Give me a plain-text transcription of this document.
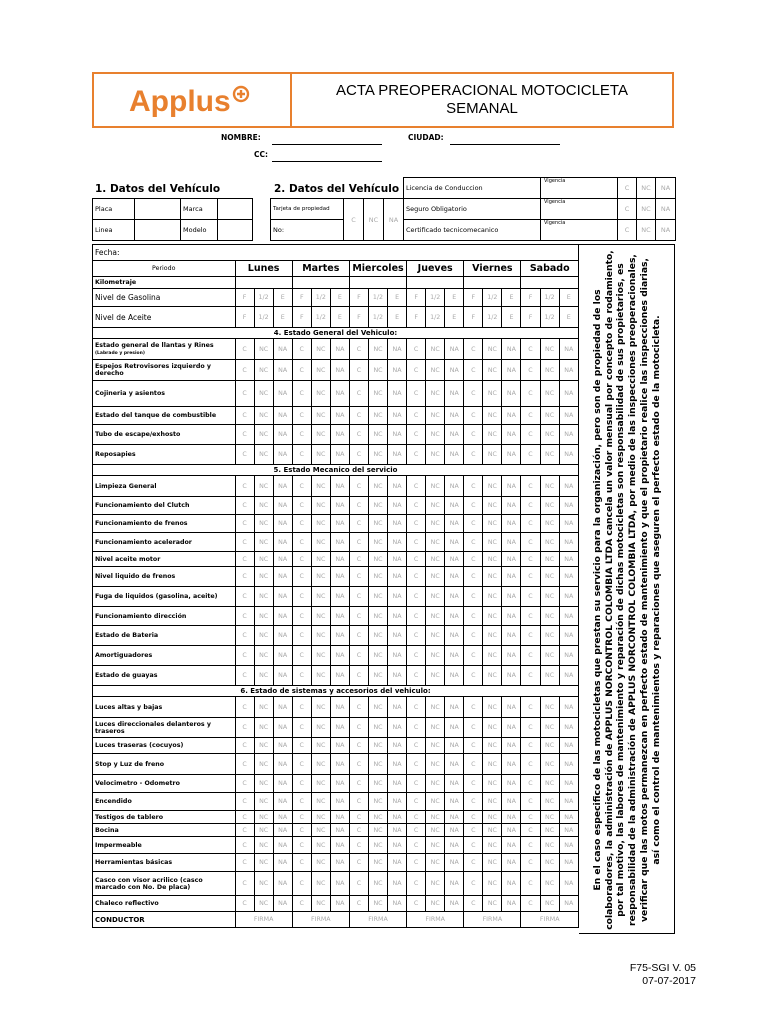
Applus	ACTA PREOPERACIONAL MOTOCICLETA
SEMANAL
NOMBRE:
CC:
CIUDAD:
1. Datos del Vehículo	2. Datos del Vehículo
Placa		Marca	
Linea		Modelo	
Tarjeta de propiedad	C	NC	NA
No:
Licencia de Conduccion	Vigencia	C	NC	NA
Seguro Obligatorio	Vigencia	C	NC	NA
Certificado tecnicomecanico	Vigencia	C	NC	NA
Fecha:																		
Periodo	Lunes			Martes			Miercoles			Jueves			Viernes			Sabado		
Kilometraje																		
Nivel de Gasolina	F	1/2	E	F	1/2	E	F	1/2	E	F	1/2	E	F	1/2	E	F	1/2	E
Nivel de Aceite	F	1/2	E	F	1/2	E	F	1/2	E	F	1/2	E	F	1/2	E	F	1/2	E
4. Estado General del Vehiculo:																		
Estado general de llantas y Rines
(Labrado y presion)	C	NC	NA	C	NC	NA	C	NC	NA	C	NC	NA	C	NC	NA	C	NC	NA
Espejos Retrovisores izquierdo y derecho	C	NC	NA	C	NC	NA	C	NC	NA	C	NC	NA	C	NC	NA	C	NC	NA
Cojineria y asientos	C	NC	NA	C	NC	NA	C	NC	NA	C	NC	NA	C	NC	NA	C	NC	NA
Estado del tanque de combustible	C	NC	NA	C	NC	NA	C	NC	NA	C	NC	NA	C	NC	NA	C	NC	NA
Tubo de escape/exhosto	C	NC	NA	C	NC	NA	C	NC	NA	C	NC	NA	C	NC	NA	C	NC	NA
Reposapies	C	NC	NA	C	NC	NA	C	NC	NA	C	NC	NA	C	NC	NA	C	NC	NA
5. Estado Mecanico del servicio																		
Limpieza General	C	NC	NA	C	NC	NA	C	NC	NA	C	NC	NA	C	NC	NA	C	NC	NA
Funcionamiento del Clutch	C	NC	NA	C	NC	NA	C	NC	NA	C	NC	NA	C	NC	NA	C	NC	NA
Funcionamiento de frenos	C	NC	NA	C	NC	NA	C	NC	NA	C	NC	NA	C	NC	NA	C	NC	NA
Funcionamiento acelerador	C	NC	NA	C	NC	NA	C	NC	NA	C	NC	NA	C	NC	NA	C	NC	NA
Nivel aceite motor	C	NC	NA	C	NC	NA	C	NC	NA	C	NC	NA	C	NC	NA	C	NC	NA
Nivel liquido de frenos	C	NC	NA	C	NC	NA	C	NC	NA	C	NC	NA	C	NC	NA	C	NC	NA
Fuga de liquidos (gasolina, aceite)	C	NC	NA	C	NC	NA	C	NC	NA	C	NC	NA	C	NC	NA	C	NC	NA
Funcionamiento dirección	C	NC	NA	C	NC	NA	C	NC	NA	C	NC	NA	C	NC	NA	C	NC	NA
Estado de Bateria	C	NC	NA	C	NC	NA	C	NC	NA	C	NC	NA	C	NC	NA	C	NC	NA
Amortiguadores	C	NC	NA	C	NC	NA	C	NC	NA	C	NC	NA	C	NC	NA	C	NC	NA
Estado de guayas	C	NC	NA	C	NC	NA	C	NC	NA	C	NC	NA	C	NC	NA	C	NC	NA
6. Estado de sistemas y accesorios del vehiculo:																		
Luces altas y bajas	C	NC	NA	C	NC	NA	C	NC	NA	C	NC	NA	C	NC	NA	C	NC	NA
Luces direccionales delanteros y traseros	C	NC	NA	C	NC	NA	C	NC	NA	C	NC	NA	C	NC	NA	C	NC	NA
Luces traseras (cocuyos)	C	NC	NA	C	NC	NA	C	NC	NA	C	NC	NA	C	NC	NA	C	NC	NA
Stop y Luz de freno	C	NC	NA	C	NC	NA	C	NC	NA	C	NC	NA	C	NC	NA	C	NC	NA
Velocimetro - Odometro	C	NC	NA	C	NC	NA	C	NC	NA	C	NC	NA	C	NC	NA	C	NC	NA
Encendido	C	NC	NA	C	NC	NA	C	NC	NA	C	NC	NA	C	NC	NA	C	NC	NA
Testigos de tablero	C	NC	NA	C	NC	NA	C	NC	NA	C	NC	NA	C	NC	NA	C	NC	NA
Bocina	C	NC	NA	C	NC	NA	C	NC	NA	C	NC	NA	C	NC	NA	C	NC	NA
Impermeable	C	NC	NA	C	NC	NA	C	NC	NA	C	NC	NA	C	NC	NA	C	NC	NA
Herramientas básicas	C	NC	NA	C	NC	NA	C	NC	NA	C	NC	NA	C	NC	NA	C	NC	NA
Casco con visor acrilico (casco marcado con No. De placa)	C	NC	NA	C	NC	NA	C	NC	NA	C	NC	NA	C	NC	NA	C	NC	NA
Chaleco reflectivo	C	NC	NA	C	NC	NA	C	NC	NA	C	NC	NA	C	NC	NA	C	NC	NA
CONDUCTOR	FIRMA			FIRMA			FIRMA			FIRMA			FIRMA			FIRMA		
En el caso especifico de las motocicletas que prestan su servicio para la organización, pero son de propiedad de los colaboradores, la administración de APPLUS NORCONTROL COLOMBIA LTDA cancela un valor mensual por concepto de rodamiento, por tal motivo, las labores de mantenimiento y reparación de dichas motocicletas son responsabilidad de sus propietarios, es responsabilidad de la administración de APPLUS NORCONTROL COLOMBIA LTDA, por medio de las inspecciones preoperacionales, verificar que las motos permanezcan en perfecto estado de mantenimiento y que el propietario realice las inspecciones diarias, así como el control de mantenimientos y reparaciones que aseguren el perfecto estado de la motocicleta.
F75-SGI V. 05
07-07-2017
